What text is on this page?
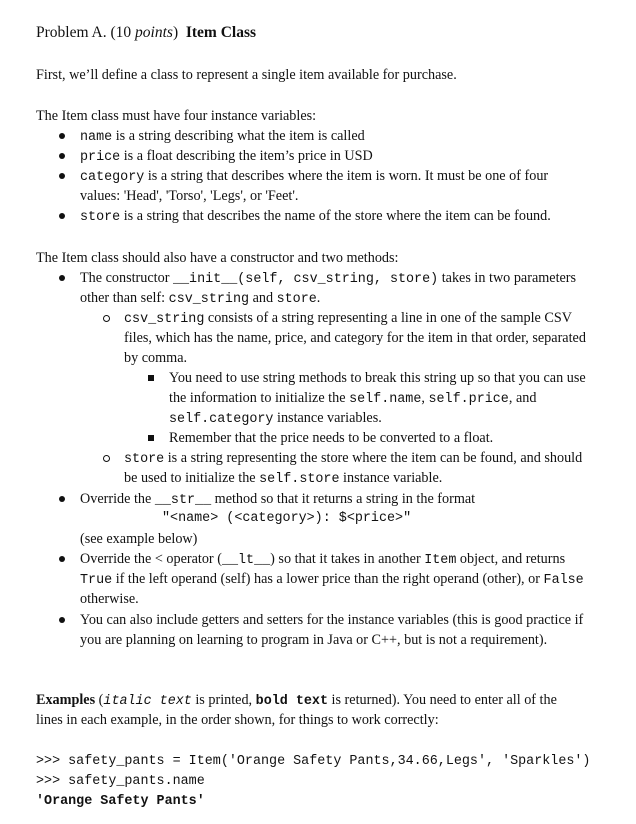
Problem A. (10 points) Item Class
First, we’ll define a class to represent a single item available for purchase.
The Item class must have four instance variables:
name is a string describing what the item is called
price is a float describing the item’s price in USD
category is a string that describes where the item is worn. It must be one of four
values: 'Head', 'Torso', 'Legs', or 'Feet'.
store is a string that describes the name of the store where the item can be found.
The Item class should also have a constructor and two methods:
The constructor __init__(self, csv_string, store) takes in two parameters
other than self: csv_string and store.
csv_string consists of a string representing a line in one of the sample CSV
files, which has the name, price, and category for the item in that order, separated
by comma.
You need to use string methods to break this string up so that you can use
the information to initialize the self.name, self.price, and
self.category instance variables.
Remember that the price needs to be converted to a float.
store is a string representing the store where the item can be found, and should
be used to initialize the self.store instance variable.
Override the __str__ method so that it returns a string in the format
"<name> (<category>): $<price>"
(see example below)
Override the < operator (__lt__) so that it takes in another Item object, and returns
True if the left operand (self) has a lower price than the right operand (other), or False
otherwise.
You can also include getters and setters for the instance variables (this is good practice if
you are planning on learning to program in Java or C++, but is not a requirement).
Examples (italic text is printed, bold text is returned). You need to enter all of the
lines in each example, in the order shown, for things to work correctly:
>>> safety_pants = Item('Orange Safety Pants,34.66,Legs', 'Sparkles')
>>> safety_pants.name
'Orange Safety Pants'
